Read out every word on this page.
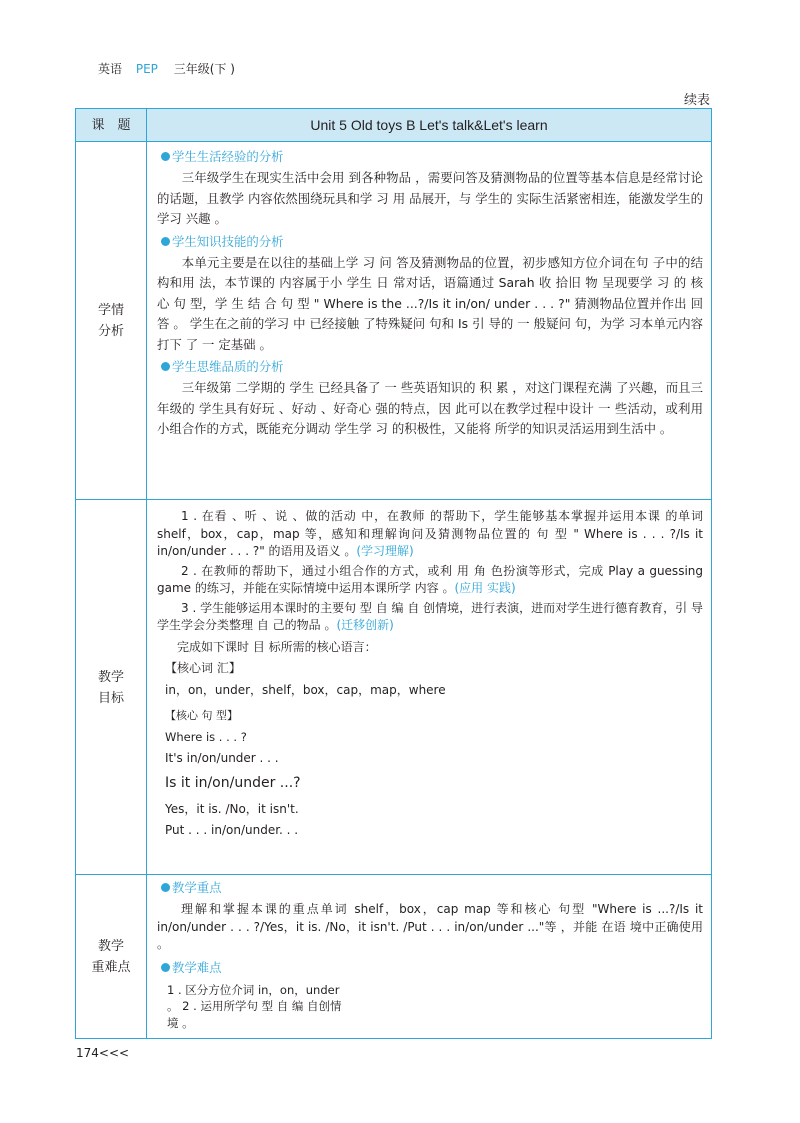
英语 PEP 三年级(下 )
续表
课　题	Unit 5 Old toys B Let's talk&Let's learn
学情
分析
学生生活经验的分析
三年级学生在现实生活中会用 到各种物品 ，需要问答及猜测物品的位置等基本信息是经常讨论的话题，且教学 内容依然围绕玩具和学 习 用 品展开，与 学生的 实际生活紧密相连，能激发学生的学习 兴趣 。
学生知识技能的分析
本单元主要是在以往的基础上学 习 问 答及猜测物品的位置，初步感知方位介词在句 子中的结构和用 法，本节课的 内容属于小 学生 日 常对话，语篇通过 Sarah 收 拾旧 物 呈现要学 习 的 核 心 句 型，学 生 结 合 句 型 " Where is the ...?/Is it in/on/ under . . . ?" 猜测物品位置并作出 回答 。 学生在之前的学习 中 已经接触 了特殊疑问 句和 Is 引 导的 一 般疑问 句，为学 习本单元内容打下 了 一 定基础 。
学生思维品质的分析
三年级第 二学期的 学生 已经具备了 一 些英语知识的 积 累 ，对这门课程充满 了兴趣，而且三年级的 学生具有好玩 、好动 、好奇心 强的特点，因 此可以在教学过程中设计 一 些活动，或利用 小组合作的方式，既能充分调动 学生学 习 的积极性，又能将 所学的知识灵活运用到生活中 。
教学
目标
1 . 在看 、听 、说 、做的活动 中，在教师 的帮助下，学生能够基本掌握并运用本课 的单词 shelf，box，cap，map 等，感知和理解询问及猜测物品位置的 句 型 " Where is . . . ?/Is it in/on/under . . . ?" 的语用及语义 。(学习理解)
2 . 在教师的帮助下，通过小组合作的方式，或利 用 角 色扮演等形式，完成 Play a guessing game 的练习，并能在实际情境中运用本课所学 内容 。(应用 实践)
3 . 学生能够运用本课时的主要句 型 自 编 自 创情境，进行表演，进而对学生进行德育教育，引 导学生学会分类整理 自 己的物品 。(迁移创新)
完成如下课时 目 标所需的核心语言：
【核心词 汇】
in，on，under，shelf，box，cap，map，where
【核心 句 型】
Where is . . . ?
It's in/on/under . . .
Is it in/on/under ...?
Yes，it is. /No，it isn't.
Put . . . in/on/under. . .
教学
重难点
教学重点
理解和掌握本课的重点单词 shelf，box，cap map 等和核心 句型 "Where is ...?/Is it in/on/under . . . ?/Yes，it is. /No，it isn't. /Put . . . in/on/under ..."等 ，并能 在语 境中正确使用 。
教学难点
1 . 区分方位介词 in，on，under
。 2 . 运用所学句 型 自 编 自创情
境 。
174<<<
